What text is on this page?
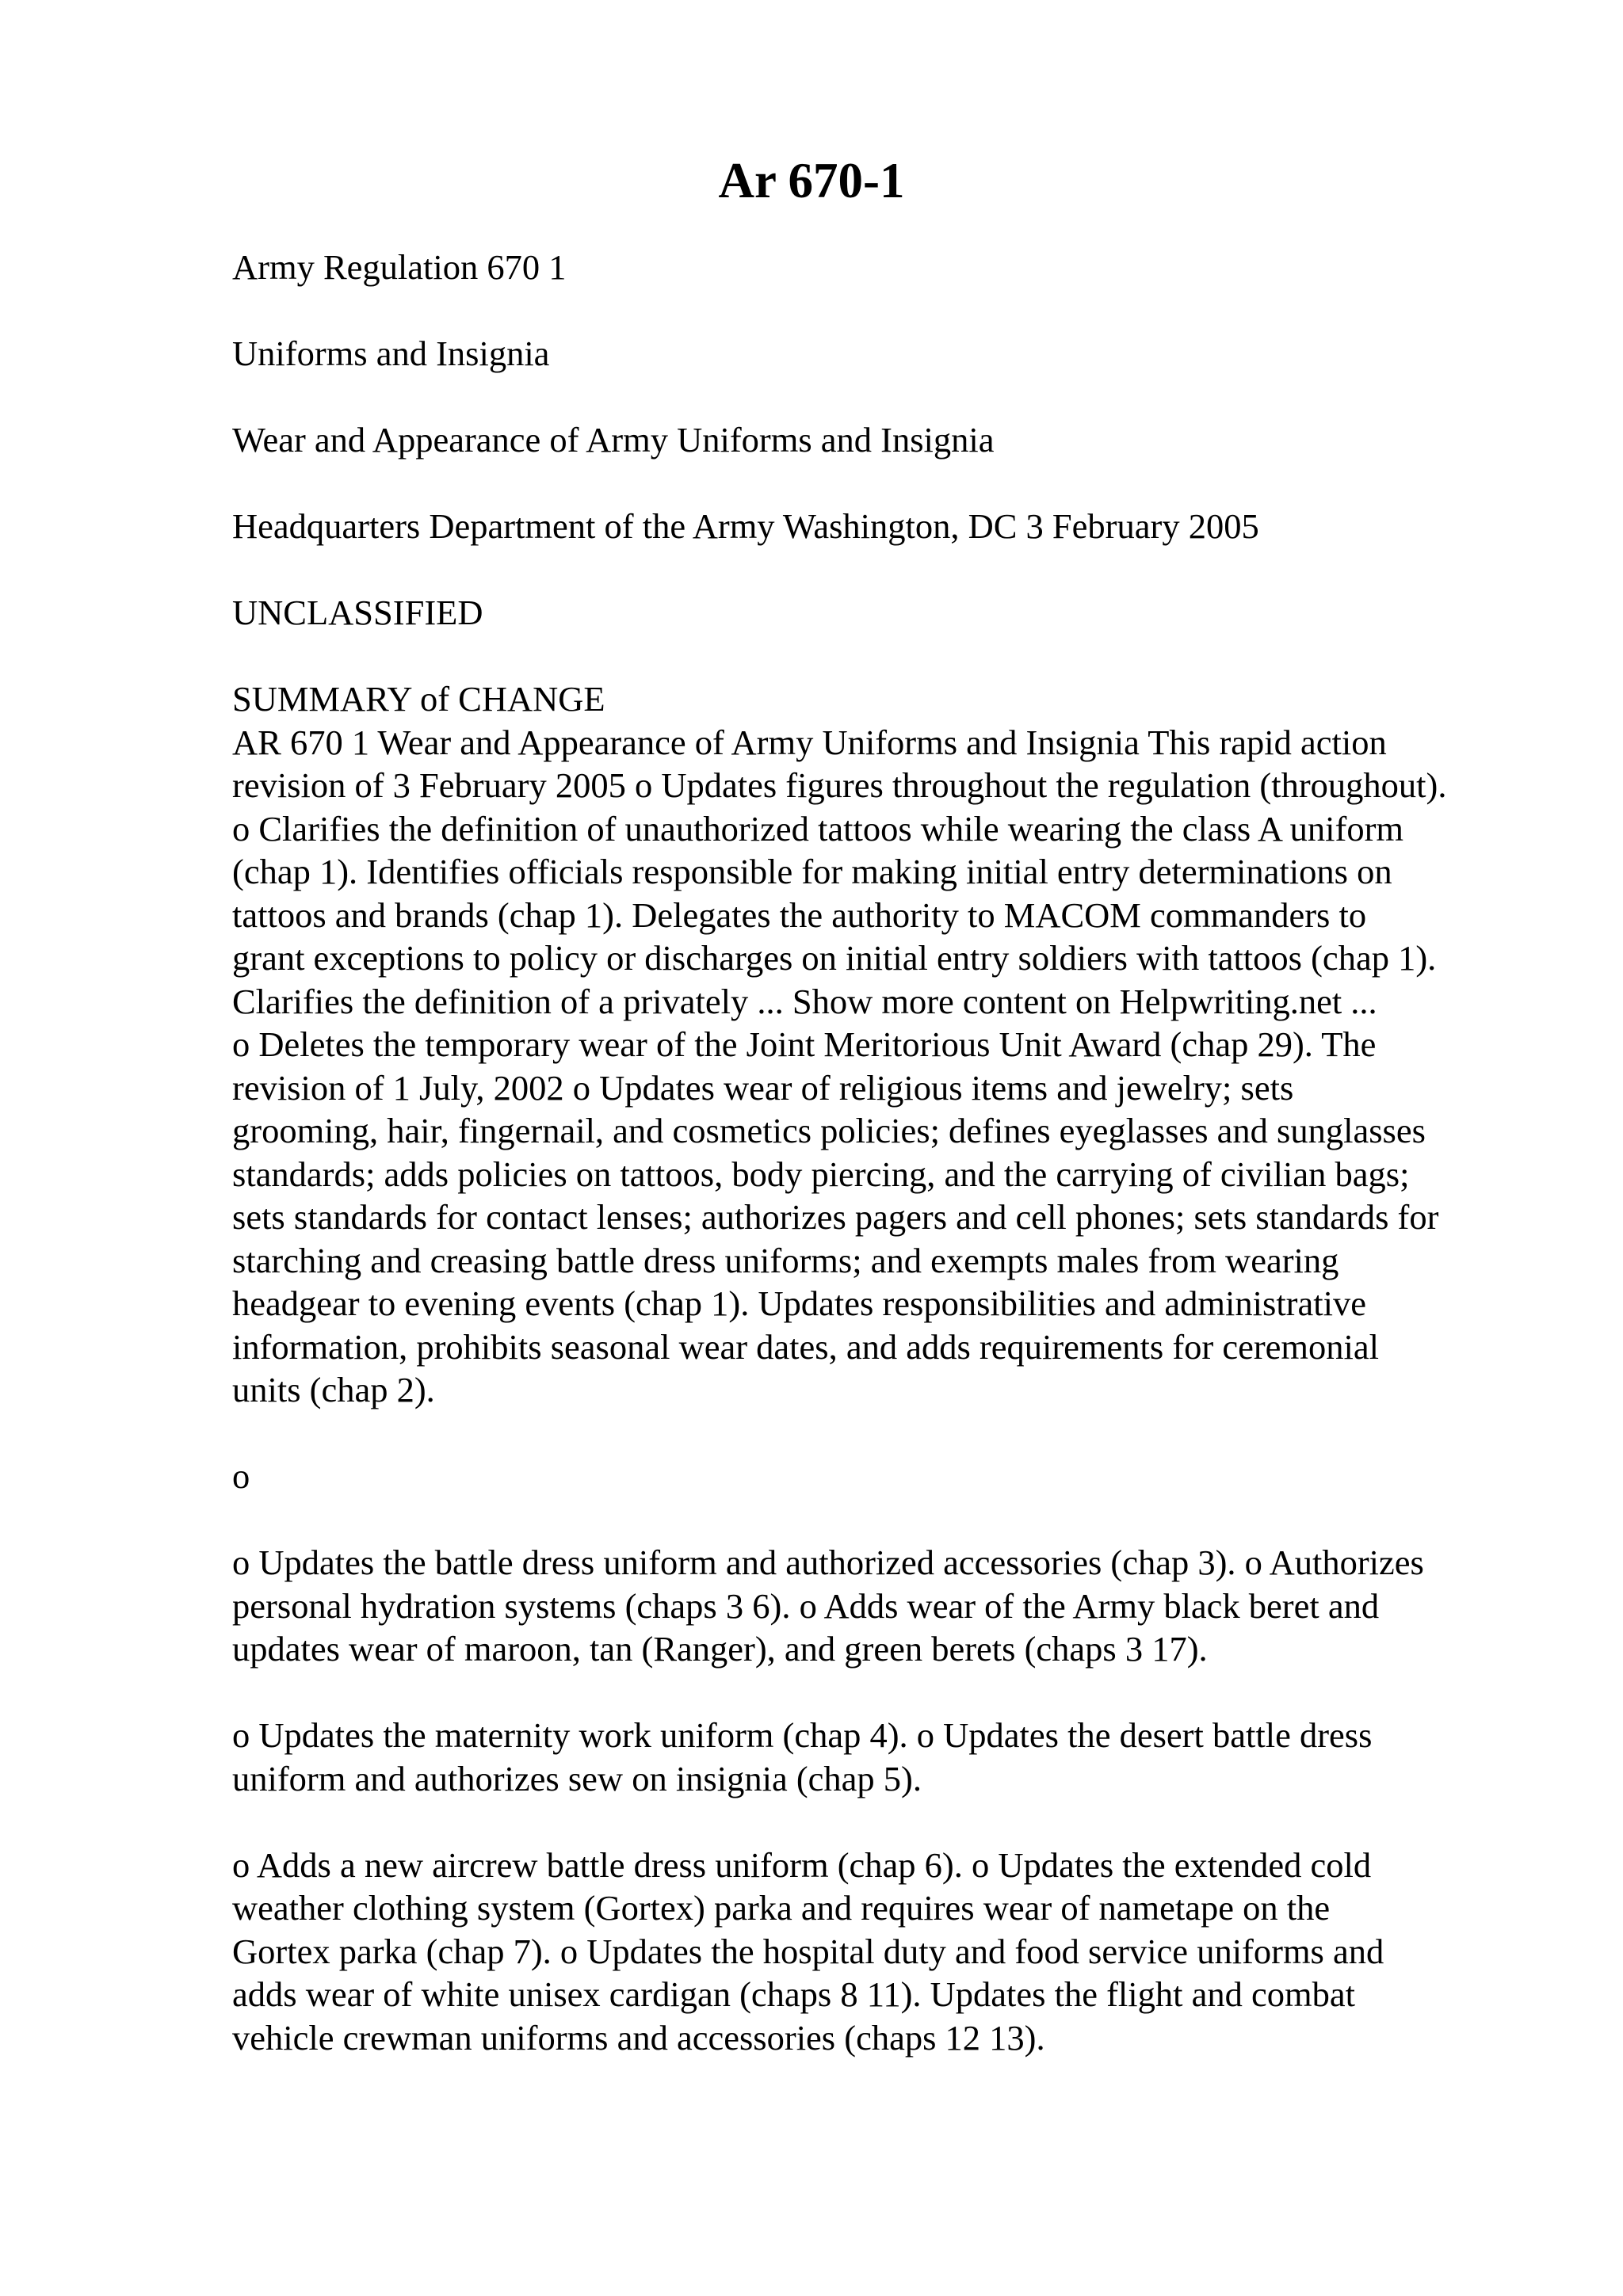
Ar 670-1

Army Regulation 670 1

Uniforms and Insignia

Wear and Appearance of Army Uniforms and Insignia

Headquarters Department of the Army Washington, DC 3 February 2005

UNCLASSIFIED

SUMMARY of CHANGE

AR 670 1 Wear and Appearance of Army Uniforms and Insignia This rapid action
revision of 3 February 2005 o Updates figures throughout the regulation (throughout).
o Clarifies the definition of unauthorized tattoos while wearing the class A uniform
(chap 1). Identifies officials responsible for making initial entry determinations on
tattoos and brands (chap 1). Delegates the authority to MACOM commanders to
grant exceptions to policy or discharges on initial entry soldiers with tattoos (chap 1).
Clarifies the definition of a privately ... Show more content on Helpwriting.net ...
o Deletes the temporary wear of the Joint Meritorious Unit Award (chap 29). The
revision of 1 July, 2002 o Updates wear of religious items and jewelry; sets
grooming, hair, fingernail, and cosmetics policies; defines eyeglasses and sunglasses
standards; adds policies on tattoos, body piercing, and the carrying of civilian bags;
sets standards for contact lenses; authorizes pagers and cell phones; sets standards for
starching and creasing battle dress uniforms; and exempts males from wearing
headgear to evening events (chap 1). Updates responsibilities and administrative
information, prohibits seasonal wear dates, and adds requirements for ceremonial
units (chap 2).

o

o Updates the battle dress uniform and authorized accessories (chap 3). o Authorizes
personal hydration systems (chaps 3 6). o Adds wear of the Army black beret and
updates wear of maroon, tan (Ranger), and green berets (chaps 3 17).
o Updates the maternity work uniform (chap 4). o Updates the desert battle dress
uniform and authorizes sew on insignia (chap 5).
o Adds a new aircrew battle dress uniform (chap 6). o Updates the extended cold
weather clothing system (Gortex) parka and requires wear of nametape on the
Gortex parka (chap 7). o Updates the hospital duty and food service uniforms and
adds wear of white unisex cardigan (chaps 8 11). Updates the flight and combat
vehicle crewman uniforms and accessories (chaps 12 13).
